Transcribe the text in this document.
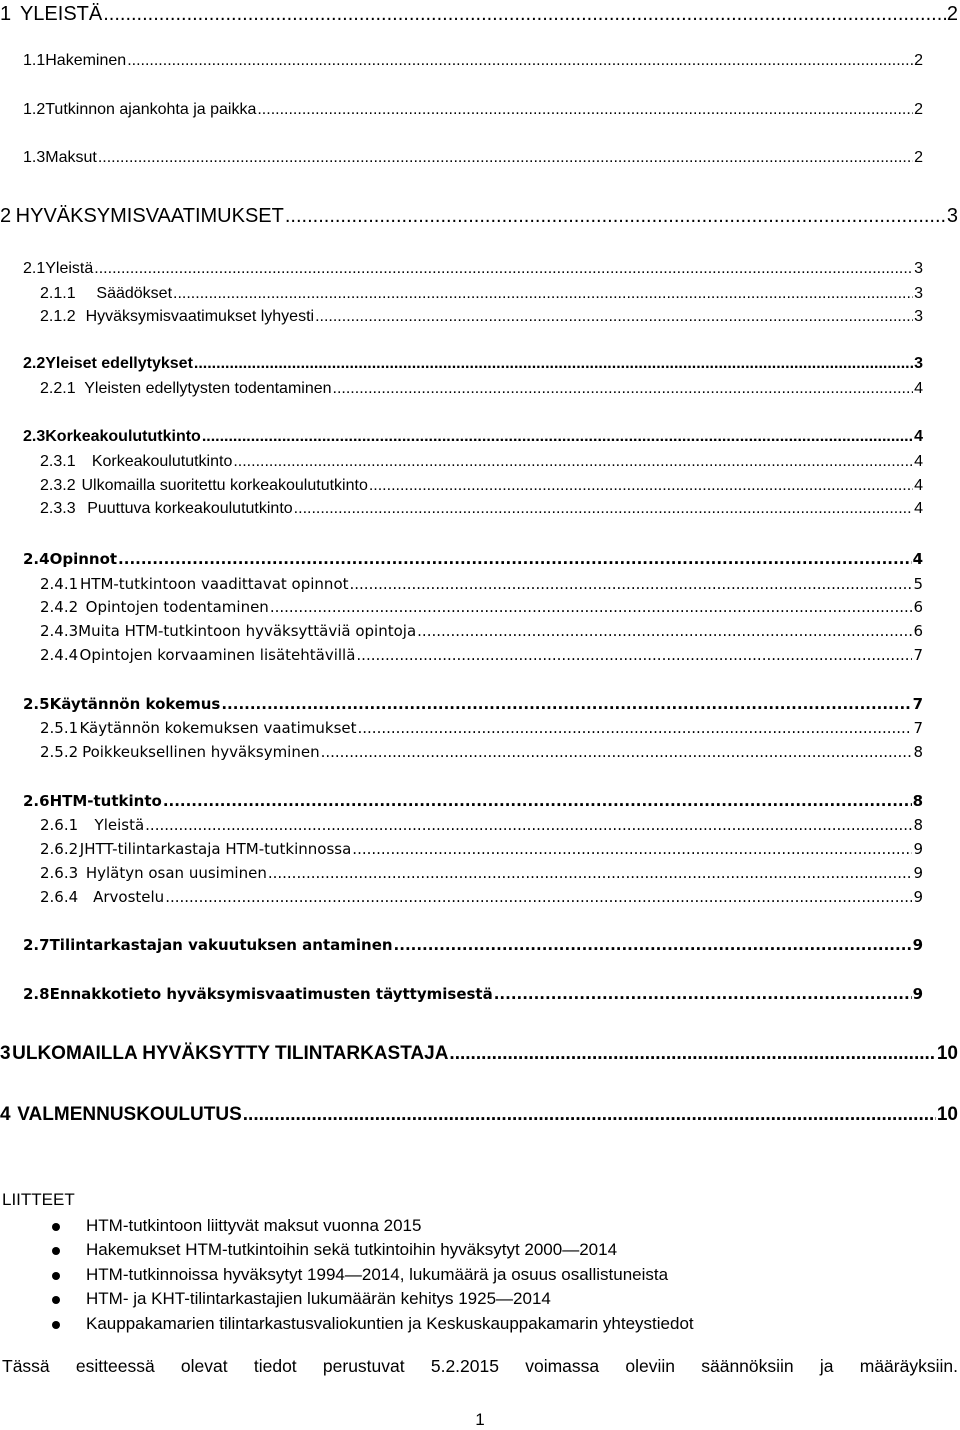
1 YLEISTÄ .....	2
1.1 Hakeminen .....	2
1.2 Tutkinnon ajankohta ja paikka .....	2
1.3 Maksut .....	2
2 HYVÄKSYMISVAATIMUKSET .....	3
2.1 Yleistä .....	3
2.1.1	Säädökset .....	3
2.1.2 Hyväksymisvaatimukset lyhyesti .....	3
2.2 Yleiset edellytykset .....	3
2.2.1 Yleisten edellytysten todentaminen .....	4
2.3 Korkeakoulututkinto .....	4
2.3.1	Korkeakoulututkinto .....	4
2.3.2 Ulkomailla suoritettu korkeakoulututkinto .....	4
2.3.3 Puuttuva korkeakoulututkinto .....	4
2.4 Opinnot .....	4
2.4.1 HTM-tutkintoon vaadittavat opinnot .....	5
2.4.2 Opintojen todentaminen .....	6
2.4.3 Muita HTM-tutkintoon hyväksyttäviä opintoja .....	6
2.4.4 Opintojen korvaaminen lisätehtävillä .....	7
2.5 Käytännön kokemus .....	7
2.5.1 Käytännön kokemuksen vaatimukset .....	7
2.5.2 Poikkeuksellinen hyväksyminen .....	8
2.6 HTM-tutkinto .....	8
2.6.1	Yleistä .....	8
2.6.2 JHTT-tilintarkastaja HTM-tutkinnossa .....	9
2.6.3 Hylätyn osan uusiminen .....	9
2.6.4 Arvostelu .....	9
2.7 Tilintarkastajan vakuutuksen antaminen .....	9
2.8 Ennakkotieto hyväksymisvaatimusten täyttymisestä .....	9
3 ULKOMAILLA HYVÄKSYTTY TILINTARKASTAJA .....	10
4 VALMENNUSKOULUTUS .....	10
LIITTEET
HTM-tutkintoon liittyvät maksut vuonna 2015
Hakemukset HTM-tutkintoihin sekä tutkintoihin hyväksytyt 2000—2014
HTM-tutkinnoissa hyväksytyt 1994—2014, lukumäärä ja osuus osallistuneista
HTM- ja KHT-tilintarkastajien lukumäärän kehitys 1925—2014
Kauppakamarien tilintarkastusvaliokuntien ja Keskuskauppakamarin yhteystiedot
Tässä esitteessä olevat tiedot perustuvat 5.2.2015 voimassa oleviin säännöksiin ja määräyksiin.
1
